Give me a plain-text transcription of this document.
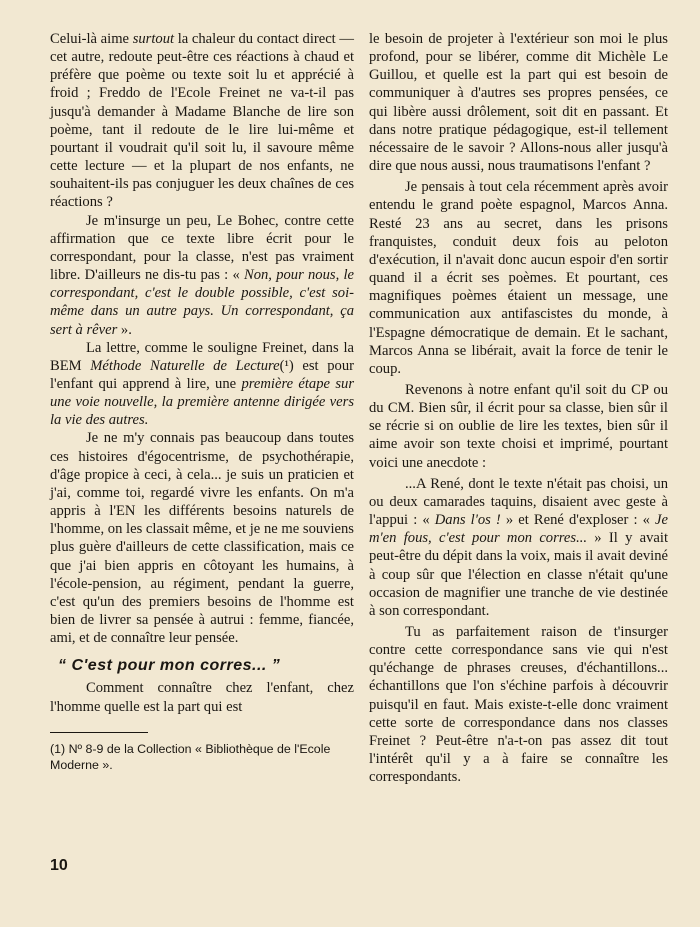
Celui-là aime surtout la chaleur du contact direct — cet autre, redoute peut-être ces réactions à chaud et préfère que poème ou texte soit lu et apprécié à froid ; Freddo de l'Ecole Freinet ne va-t-il pas jusqu'à demander à Madame Blanche de lire son poème, tant il redoute de le lire lui-même et pourtant il voudrait qu'il soit lu, il savoure même cette lecture — et la plupart de nos enfants, ne souhaitent-ils pas conjuguer les deux chaînes de ces réactions ?

Je m'insurge un peu, Le Bohec, contre cette affirmation que ce texte libre écrit pour le correspondant, pour la classe, n'est pas vraiment libre. D'ailleurs ne dis-tu pas : « Non, pour nous, le correspondant, c'est le double possible, c'est soi-même dans un autre pays. Un correspondant, ça sert à rêver ».

La lettre, comme le souligne Freinet, dans la BEM Méthode Naturelle de Lecture(¹) est pour l'enfant qui apprend à lire, une première étape sur une voie nouvelle, la première antenne dirigée vers la vie des autres.

Je ne m'y connais pas beaucoup dans toutes ces histoires d'égocentrisme, de psychothérapie, d'âge propice à ceci, à cela... je suis un praticien et j'ai, comme toi, regardé vivre les enfants. On m'a appris à l'EN les différents besoins naturels de l'homme, on les classait même, et je ne me souviens plus guère d'ailleurs de cette classification, mais ce que j'ai bien appris en côtoyant les humains, à l'école-pension, au régiment, pendant la guerre, c'est qu'un des premiers besoins de l'homme est bien de livrer sa pensée à autrui : femme, fiancée, ami, et de connaître leur pensée.

“ C'est pour mon corres... ”

Comment connaître chez l'enfant, chez l'homme quelle est la part qui est

(1) Nº 8-9 de la Collection « Bibliothèque de l'Ecole Moderne ».

le besoin de projeter à l'extérieur son moi le plus profond, pour se libérer, comme dit Michèle Le Guillou, et quelle est la part qui est besoin de communiquer à d'autres ses propres pensées, ce qui libère aussi drôlement, soit dit en passant. Et dans notre pratique pédagogique, est-il tellement nécessaire de le savoir ? Allons-nous aller jusqu'à dire que nous aussi, nous traumatisons l'enfant ?

Je pensais à tout cela récemment après avoir entendu le grand poète espagnol, Marcos Anna. Resté 23 ans au secret, dans les prisons franquistes, conduit deux fois au peloton d'exécution, il n'avait donc aucun espoir d'en sortir quand il a écrit ses poèmes. Et pourtant, ces magnifiques poèmes étaient un message, une communication aux antifascistes du monde, à l'Espagne démocratique de demain. Et le sachant, Marcos Anna se libérait, avait la force de tenir le coup.

Revenons à notre enfant qu'il soit du CP ou du CM. Bien sûr, il écrit pour sa classe, bien sûr il se récrie si on oublie de lire les textes, bien sûr il aime avoir son texte choisi et imprimé, pourtant voici une anecdote :

...A René, dont le texte n'était pas choisi, un ou deux camarades taquins, disaient avec geste à l'appui : « Dans l'os ! » et René d'exploser : « Je m'en fous, c'est pour mon corres... » Il y avait peut-être du dépit dans la voix, mais il avait deviné à coup sûr que l'élection en classe n'était qu'une occasion de magnifier une tranche de vie destinée à son correspondant.

Tu as parfaitement raison de t'insurger contre cette correspondance sans vie qui n'est qu'échange de phrases creuses, d'échantillons... échantillons que l'on s'échine parfois à découvrir puisqu'il en faut. Mais existe-t-elle donc vraiment cette sorte de correspondance dans nos classes Freinet ? Peut-être n'a-t-on pas assez dit tout l'intérêt qu'il y a à faire se connaître les correspondants.

10
